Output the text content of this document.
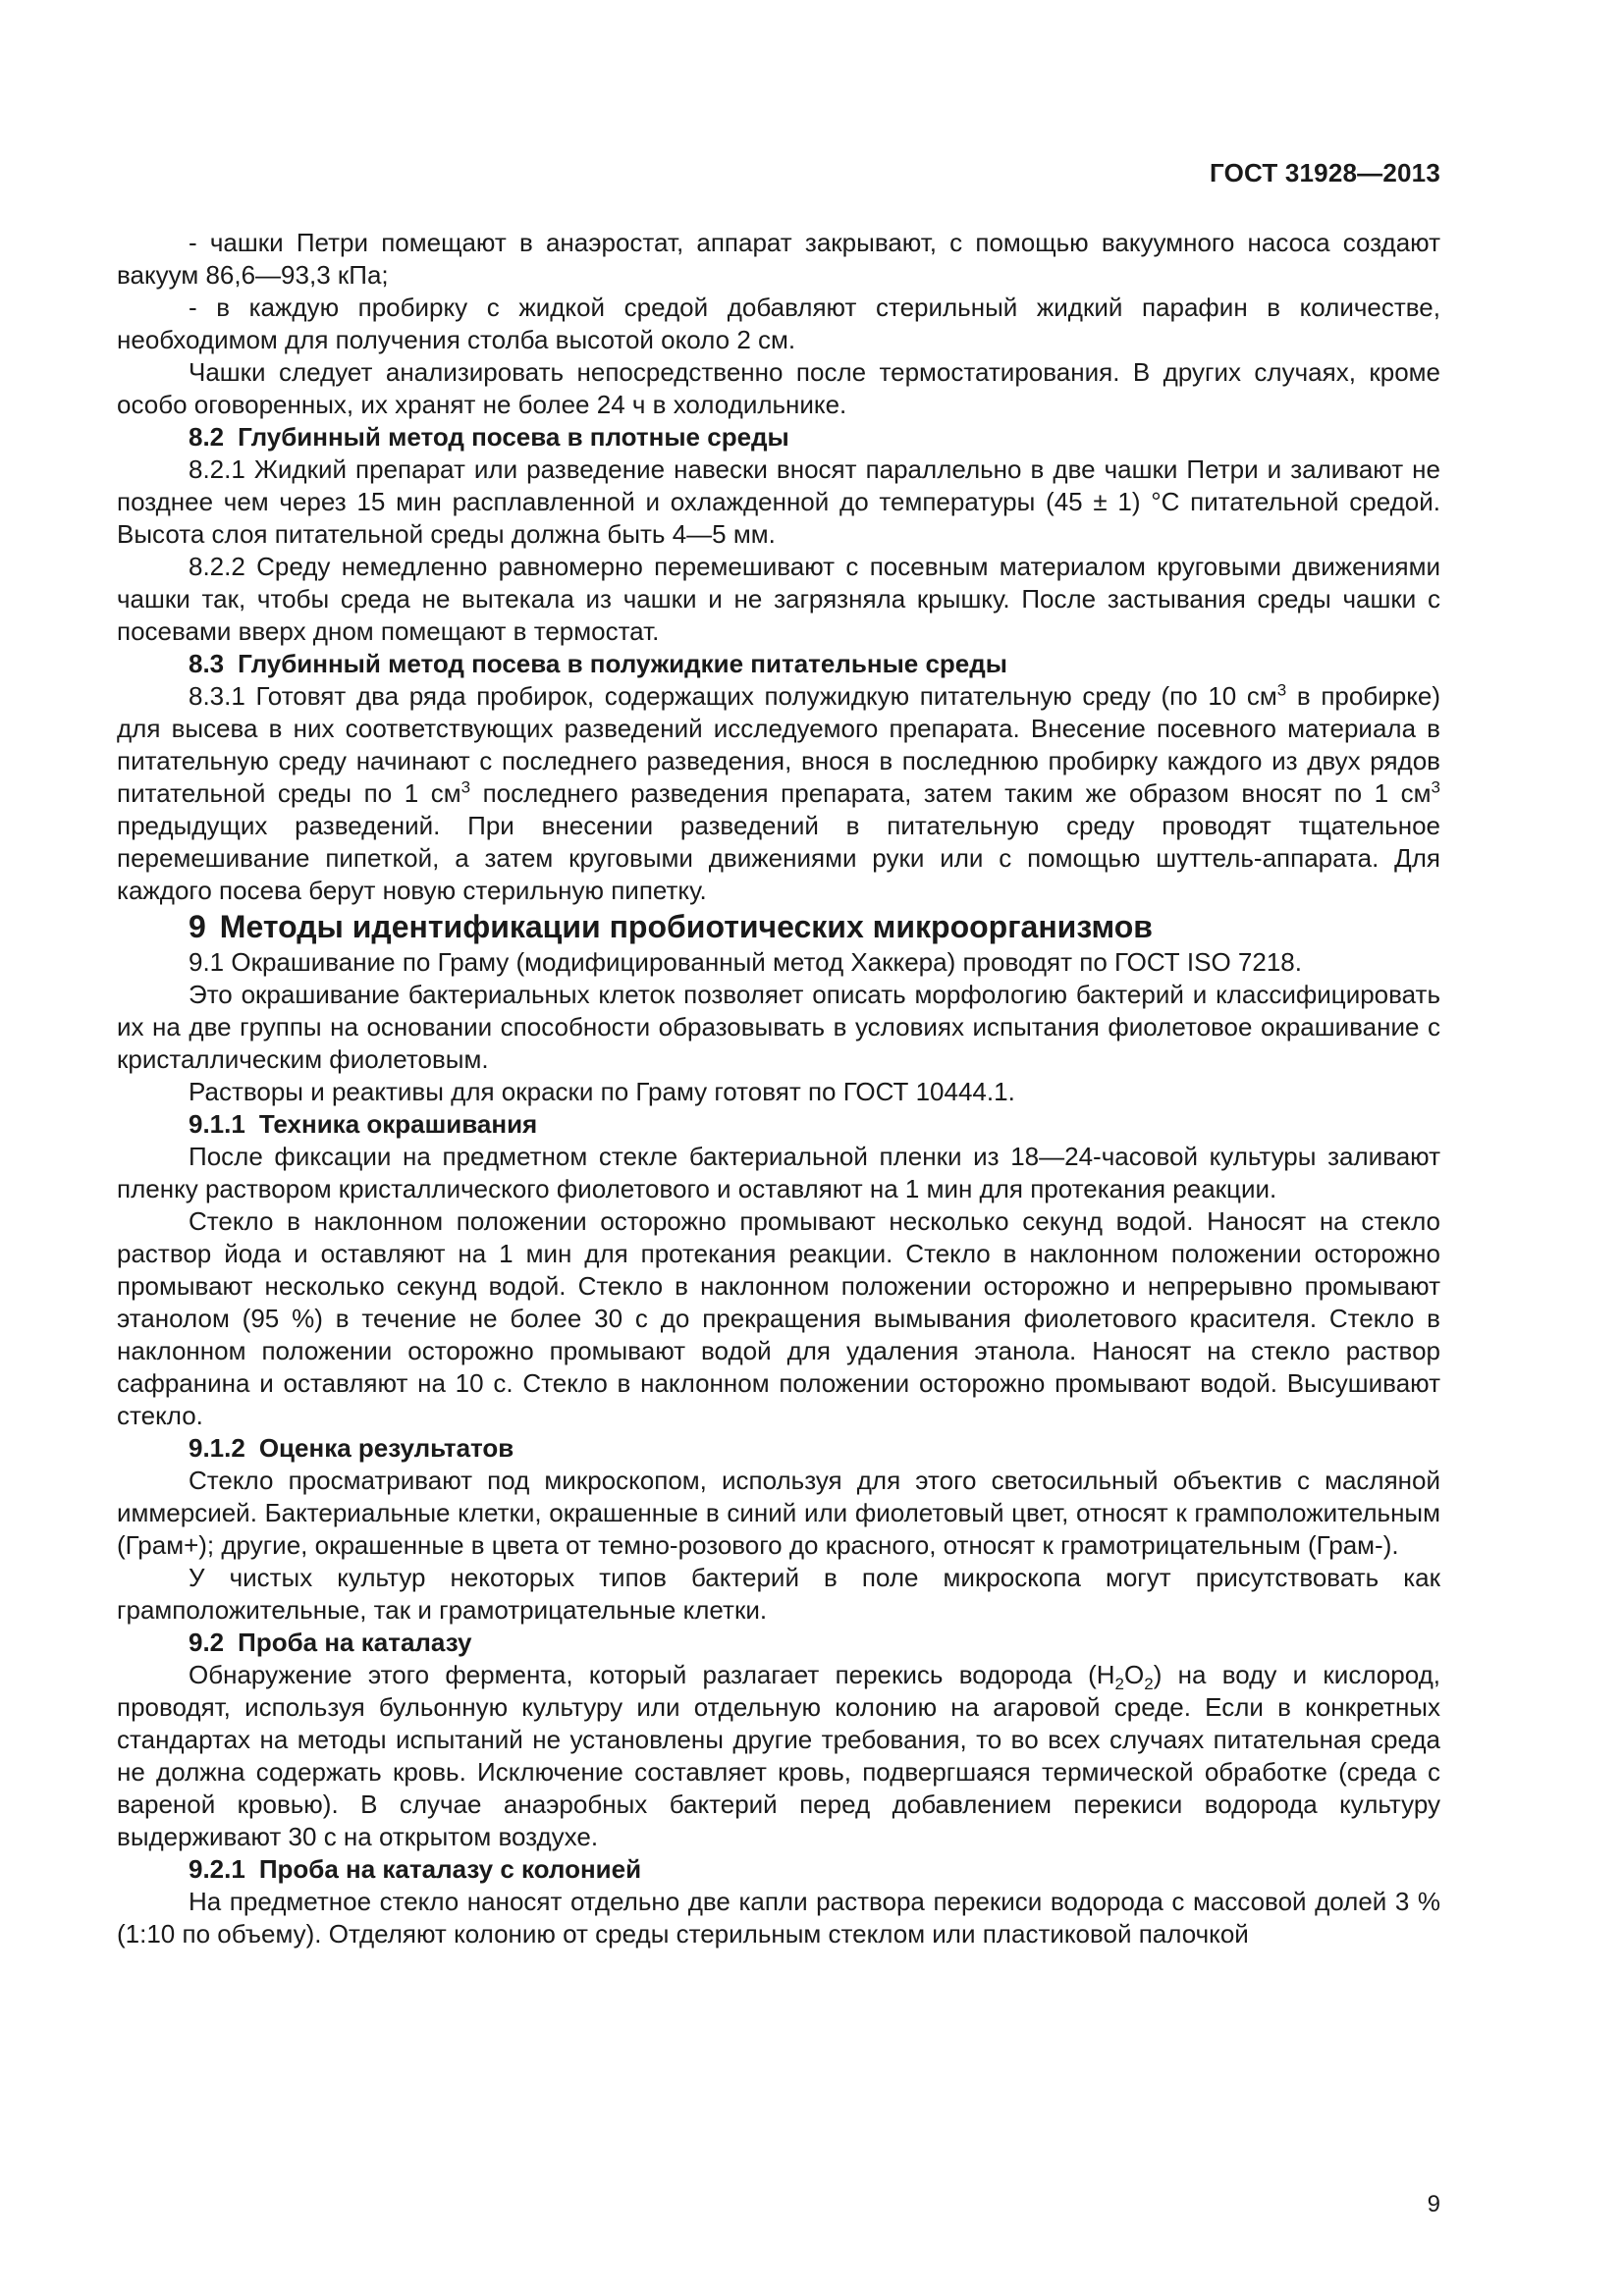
ГОСТ 31928—2013

- чашки Петри помещают в анаэростат, аппарат закрывают, с помощью вакуумного насоса создают вакуум 86,6—93,3 кПа;

- в каждую пробирку с жидкой средой добавляют стерильный жидкий парафин в количестве, необходимом для получения столба высотой около 2 см.

Чашки следует анализировать непосредственно после термостатирования. В других случаях, кроме особо оговоренных, их хранят не более 24 ч в холодильнике.

8.2 Глубинный метод посева в плотные среды

8.2.1 Жидкий препарат или разведение навески вносят параллельно в две чашки Петри и заливают не позднее чем через 15 мин расплавленной и охлажденной до температуры (45 ± 1) °С питательной средой. Высота слоя питательной среды должна быть 4—5 мм.

8.2.2 Среду немедленно равномерно перемешивают с посевным материалом круговыми движениями чашки так, чтобы среда не вытекала из чашки и не загрязняла крышку. После застывания среды чашки с посевами вверх дном помещают в термостат.

8.3 Глубинный метод посева в полужидкие питательные среды

8.3.1 Готовят два ряда пробирок, содержащих полужидкую питательную среду (по 10 $см^3$ в пробирке) для высева в них соответствующих разведений исследуемого препарата. Внесение посевного материала в питательную среду начинают с последнего разведения, внося в последнюю пробирку каждого из двух рядов питательной среды по 1 $см^3$ последнего разведения препарата, затем таким же образом вносят по 1 $см^3$ предыдущих разведений. При внесении разведений в питательную среду проводят тщательное перемешивание пипеткой, а затем круговыми движениями руки или с помощью шуттель-аппарата. Для каждого посева берут новую стерильную пипетку.

9 Методы идентификации пробиотических микроорганизмов

9.1 Окрашивание по Граму (модифицированный метод Хаккера) проводят по ГОСТ ISO 7218.

Это окрашивание бактериальных клеток позволяет описать морфологию бактерий и классифицировать их на две группы на основании способности образовывать в условиях испытания фиолетовое окрашивание с кристаллическим фиолетовым.

Растворы и реактивы для окраски по Граму готовят по ГОСТ 10444.1.

9.1.1 Техника окрашивания

После фиксации на предметном стекле бактериальной пленки из 18—24-часовой культуры заливают пленку раствором кристаллического фиолетового и оставляют на 1 мин для протекания реакции.

Стекло в наклонном положении осторожно промывают несколько секунд водой. Наносят на стекло раствор йода и оставляют на 1 мин для протекания реакции. Стекло в наклонном положении осторожно промывают несколько секунд водой. Стекло в наклонном положении осторожно и непрерывно промывают этанолом (95 %) в течение не более 30 с до прекращения вымывания фиолетового красителя. Стекло в наклонном положении осторожно промывают водой для удаления этанола. Наносят на стекло раствор сафранина и оставляют на 10 с. Стекло в наклонном положении осторожно промывают водой. Высушивают стекло.

9.1.2 Оценка результатов

Стекло просматривают под микроскопом, используя для этого светосильный объектив с масляной иммерсией. Бактериальные клетки, окрашенные в синий или фиолетовый цвет, относят к грамположительным (Грам+); другие, окрашенные в цвета от темно-розового до красного, относят к грамотрицательным (Грам-).

У чистых культур некоторых типов бактерий в поле микроскопа могут присутствовать как грамположительные, так и грамотрицательные клетки.

9.2 Проба на каталазу

Обнаружение этого фермента, который разлагает перекись водорода $(H_2O_2)$ на воду и кислород, проводят, используя бульонную культуру или отдельную колонию на агаровой среде. Если в конкретных стандартах на методы испытаний не установлены другие требования, то во всех случаях питательная среда не должна содержать кровь. Исключение составляет кровь, подвергшаяся термической обработке (среда с вареной кровью). В случае анаэробных бактерий перед добавлением перекиси водорода культуру выдерживают 30 с на открытом воздухе.

9.2.1 Проба на каталазу с колонией

На предметное стекло наносят отдельно две капли раствора перекиси водорода с массовой долей 3 % (1:10 по объему). Отделяют колонию от среды стерильным стеклом или пластиковой палочкой

9
